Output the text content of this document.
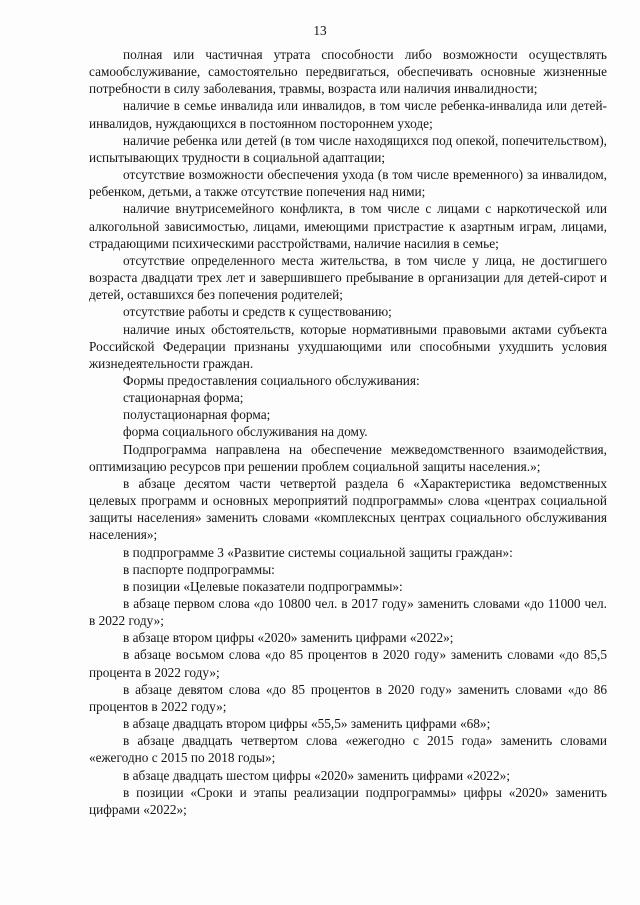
13

полная или частичная утрата способности либо возможности осуществлять самообслуживание, самостоятельно передвигаться, обеспечивать основные жизненные потребности в силу заболевания, травмы, возраста или наличия инвалидности;

наличие в семье инвалида или инвалидов, в том числе ребенка-инвалида или детей-инвалидов, нуждающихся в постоянном постороннем уходе;

наличие ребенка или детей (в том числе находящихся под опекой, попечительством), испытывающих трудности в социальной адаптации;

отсутствие возможности обеспечения ухода (в том числе временного) за инвалидом, ребенком, детьми, а также отсутствие попечения над ними;

наличие внутрисемейного конфликта, в том числе с лицами с наркотической или алкогольной зависимостью, лицами, имеющими пристрастие к азартным играм, лицами, страдающими психическими расстройствами, наличие насилия в семье;

отсутствие определенного места жительства, в том числе у лица, не достигшего возраста двадцати трех лет и завершившего пребывание в организации для детей-сирот и детей, оставшихся без попечения родителей;

отсутствие работы и средств к существованию;

наличие иных обстоятельств, которые нормативными правовыми актами субъекта Российской Федерации признаны ухудшающими или способными ухудшить условия жизнедеятельности граждан.

Формы предоставления социального обслуживания:

стационарная форма;

полустационарная форма;

форма социального обслуживания на дому.

Подпрограмма направлена на обеспечение межведомственного взаимодействия, оптимизацию ресурсов при решении проблем социальной защиты населения.»;

в абзаце десятом части четвертой раздела 6 «Характеристика ведомственных целевых программ и основных мероприятий подпрограммы» слова «центрах социальной защиты населения» заменить словами «комплексных центрах социального обслуживания населения»;

в подпрограмме 3 «Развитие системы социальной защиты граждан»:

в паспорте подпрограммы:

в позиции «Целевые показатели подпрограммы»:

в абзаце первом слова «до 10800 чел. в 2017 году» заменить словами «до 11000 чел. в 2022 году»;

в абзаце втором цифры «2020» заменить цифрами «2022»;

в абзаце восьмом слова «до 85 процентов в 2020 году» заменить словами «до 85,5 процента в 2022 году»;

в абзаце девятом слова «до 85 процентов в 2020 году» заменить словами «до 86 процентов в 2022 году»;

в абзаце двадцать втором цифры «55,5» заменить цифрами «68»;

в абзаце двадцать четвертом слова «ежегодно с 2015 года» заменить словами «ежегодно с 2015 по 2018 годы»;

в абзаце двадцать шестом цифры «2020» заменить цифрами «2022»;

в позиции «Сроки и этапы реализации подпрограммы» цифры «2020» заменить цифрами «2022»;
